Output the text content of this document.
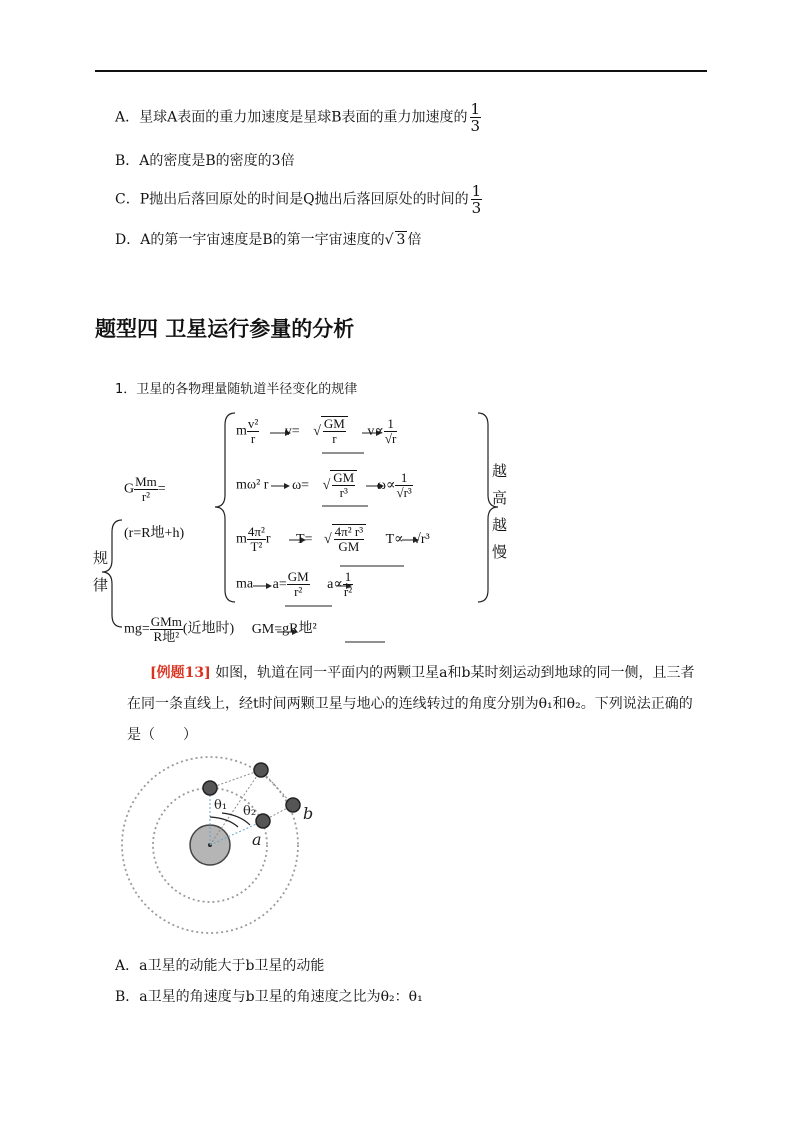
A．星球A表面的重力加速度是星球B表面的重力加速度的 $\frac{1}{3}$
B．A的密度是B的密度的3倍
C．P抛出后落回原处的时间是Q抛出后落回原处的时间的 $\frac{1}{3}$
D．A的第一宇宙速度是B的第一宇宙速度的√ 3 倍
题型四 卫星运行参量的分析
1．卫星的各物理量随轨道半径变化的规律
规律
越高越慢
G $\frac{Mm}{\text{r²}}$ =
(r=R地+h)
m $\frac{\text{v²}}{r} v=$ √ $\frac{GM}{r} v\propto \frac{1}{√r}$
mω² r ω= √ $\frac{GM}{\text{r³}} \omega\propto \frac{1}{\text{√r³}}$
m $\frac{\text{4π²}}{\text{T²}}$ r T= √ $\frac{\text{4π² r³}}{GM} T\propto √r^3$
ma $a= \frac{GM}{\text{r²}} a\propto \frac{1}{\text{r²}}$
mg=
GMm
R地² (近地时) GM=gR地²
[例题13] 如图，轨道在同一平面内的两颗卫星a和b某时刻运动到地球的同一侧，且三者
在同一条直线上，经t时间两颗卫星与地心的连线转过的角度分别为θ₁和θ₂。下列说法正确的
是（　　）
θ₁ θ₂
a
b
A．a卫星的动能大于b卫星的动能
B．a卫星的角速度与b卫星的角速度之比为θ₂：θ₁
